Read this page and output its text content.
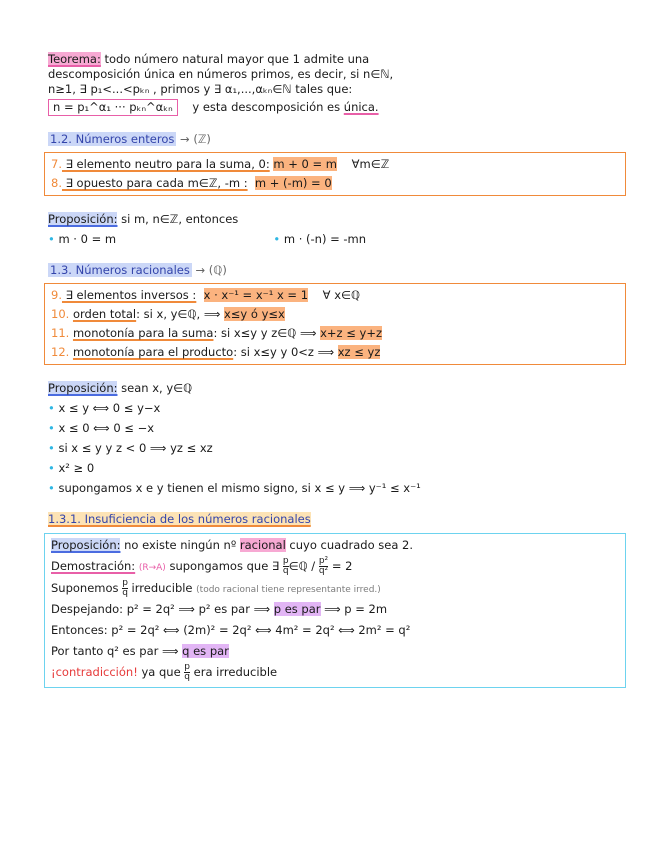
Teorema: todo número natural mayor que 1 admite una
descomposición única en números primos, es decir, si n∈ℕ,
n≥1, ∃ p₁<...<pₖₙ , primos y ∃ α₁,...,αₖₙ∈ℕ tales que:
n = p₁^α₁ ··· pₖₙ^αₖₙ y esta descomposición es única.
1.2. Números enteros → (ℤ)
7. ∃ elemento neutro para la suma, 0: m + 0 = m ∀m∈ℤ
8. ∃ opuesto para cada m∈ℤ, -m : m + (-m) = 0
Proposición: si m, n∈ℤ, entonces
• m · 0 = m	• m · (-n) = -mn
1.3. Números racionales → (ℚ)
9. ∃ elementos inversos : x · x⁻¹ = x⁻¹ x = 1 ∀ x∈ℚ
10. orden total: si x, y∈ℚ, ⟹ x≤y ó y≤x
11. monotonía para la suma: si x≤y y z∈ℚ ⟹ x+z ≤ y+z
12. monotonía para el producto: si x≤y y 0<z ⟹ xz ≤ yz
Proposición: sean x, y∈ℚ
• x ≤ y ⟺ 0 ≤ y−x
• x ≤ 0 ⟺ 0 ≤ −x
• si x ≤ y y z < 0 ⟹ yz ≤ xz
• x² ≥ 0
• supongamos x e y tienen el mismo signo, si x ≤ y ⟹ y⁻¹ ≤ x⁻¹
1.3.1. Insuficiencia de los números racionales
Proposición: no existe ningún nº racional cuyo cuadrado sea 2.
Demostración: (R→A) supongamos que ∃ $\frac{p}{q}$ ∈ℚ / $\frac{\text{p²}}{\text{q²}} = 2$
Suponemos $\frac{p}{q}$ irreducible (todo racional tiene representante irred.)
Despejando: p² = 2q² ⟹ p² es par ⟹ p es par ⟹ p = 2m
Entonces: p² = 2q² ⟺ (2m)² = 2q² ⟺ 4m² = 2q² ⟺ 2m² = q²
Por tanto q² es par ⟹ q es par
¡contradicción! ya que $\frac{p}{q}$ era irreducible
